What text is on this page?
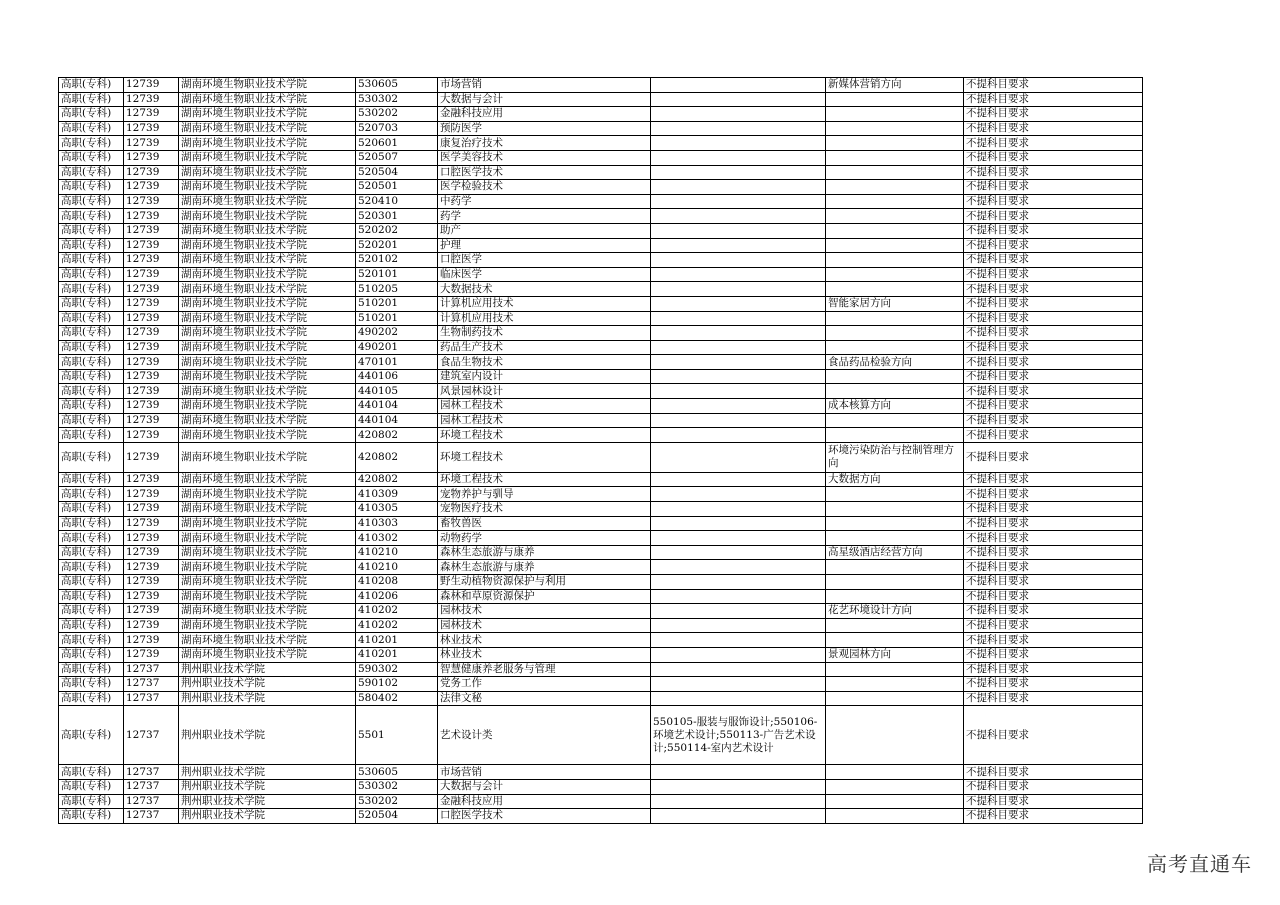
高职(专科)	12739	湖南环境生物职业技术学院	530605	市场营销		新媒体营销方向	不提科目要求
高职(专科)	12739	湖南环境生物职业技术学院	530302	大数据与会计			不提科目要求
高职(专科)	12739	湖南环境生物职业技术学院	530202	金融科技应用			不提科目要求
高职(专科)	12739	湖南环境生物职业技术学院	520703	预防医学			不提科目要求
高职(专科)	12739	湖南环境生物职业技术学院	520601	康复治疗技术			不提科目要求
高职(专科)	12739	湖南环境生物职业技术学院	520507	医学美容技术			不提科目要求
高职(专科)	12739	湖南环境生物职业技术学院	520504	口腔医学技术			不提科目要求
高职(专科)	12739	湖南环境生物职业技术学院	520501	医学检验技术			不提科目要求
高职(专科)	12739	湖南环境生物职业技术学院	520410	中药学			不提科目要求
高职(专科)	12739	湖南环境生物职业技术学院	520301	药学			不提科目要求
高职(专科)	12739	湖南环境生物职业技术学院	520202	助产			不提科目要求
高职(专科)	12739	湖南环境生物职业技术学院	520201	护理			不提科目要求
高职(专科)	12739	湖南环境生物职业技术学院	520102	口腔医学			不提科目要求
高职(专科)	12739	湖南环境生物职业技术学院	520101	临床医学			不提科目要求
高职(专科)	12739	湖南环境生物职业技术学院	510205	大数据技术			不提科目要求
高职(专科)	12739	湖南环境生物职业技术学院	510201	计算机应用技术		智能家居方向	不提科目要求
高职(专科)	12739	湖南环境生物职业技术学院	510201	计算机应用技术			不提科目要求
高职(专科)	12739	湖南环境生物职业技术学院	490202	生物制药技术			不提科目要求
高职(专科)	12739	湖南环境生物职业技术学院	490201	药品生产技术			不提科目要求
高职(专科)	12739	湖南环境生物职业技术学院	470101	食品生物技术		食品药品检验方向	不提科目要求
高职(专科)	12739	湖南环境生物职业技术学院	440106	建筑室内设计			不提科目要求
高职(专科)	12739	湖南环境生物职业技术学院	440105	风景园林设计			不提科目要求
高职(专科)	12739	湖南环境生物职业技术学院	440104	园林工程技术		成本核算方向	不提科目要求
高职(专科)	12739	湖南环境生物职业技术学院	440104	园林工程技术			不提科目要求
高职(专科)	12739	湖南环境生物职业技术学院	420802	环境工程技术			不提科目要求
高职(专科)	12739	湖南环境生物职业技术学院	420802	环境工程技术		环境污染防治与控制管理方向	不提科目要求
高职(专科)	12739	湖南环境生物职业技术学院	420802	环境工程技术		大数据方向	不提科目要求
高职(专科)	12739	湖南环境生物职业技术学院	410309	宠物养护与驯导			不提科目要求
高职(专科)	12739	湖南环境生物职业技术学院	410305	宠物医疗技术			不提科目要求
高职(专科)	12739	湖南环境生物职业技术学院	410303	畜牧兽医			不提科目要求
高职(专科)	12739	湖南环境生物职业技术学院	410302	动物药学			不提科目要求
高职(专科)	12739	湖南环境生物职业技术学院	410210	森林生态旅游与康养		高星级酒店经营方向	不提科目要求
高职(专科)	12739	湖南环境生物职业技术学院	410210	森林生态旅游与康养			不提科目要求
高职(专科)	12739	湖南环境生物职业技术学院	410208	野生动植物资源保护与利用			不提科目要求
高职(专科)	12739	湖南环境生物职业技术学院	410206	森林和草原资源保护			不提科目要求
高职(专科)	12739	湖南环境生物职业技术学院	410202	园林技术		花艺环境设计方向	不提科目要求
高职(专科)	12739	湖南环境生物职业技术学院	410202	园林技术			不提科目要求
高职(专科)	12739	湖南环境生物职业技术学院	410201	林业技术			不提科目要求
高职(专科)	12739	湖南环境生物职业技术学院	410201	林业技术		景观园林方向	不提科目要求
高职(专科)	12737	荆州职业技术学院	590302	智慧健康养老服务与管理			不提科目要求
高职(专科)	12737	荆州职业技术学院	590102	党务工作			不提科目要求
高职(专科)	12737	荆州职业技术学院	580402	法律文秘			不提科目要求
高职(专科)	12737	荆州职业技术学院	5501	艺术设计类	550105-服装与服饰设计;550106-环境艺术设计;550113-广告艺术设计;550114-室内艺术设计		不提科目要求
高职(专科)	12737	荆州职业技术学院	530605	市场营销			不提科目要求
高职(专科)	12737	荆州职业技术学院	530302	大数据与会计			不提科目要求
高职(专科)	12737	荆州职业技术学院	530202	金融科技应用			不提科目要求
高职(专科)	12737	荆州职业技术学院	520504	口腔医学技术			不提科目要求
高考直通车
